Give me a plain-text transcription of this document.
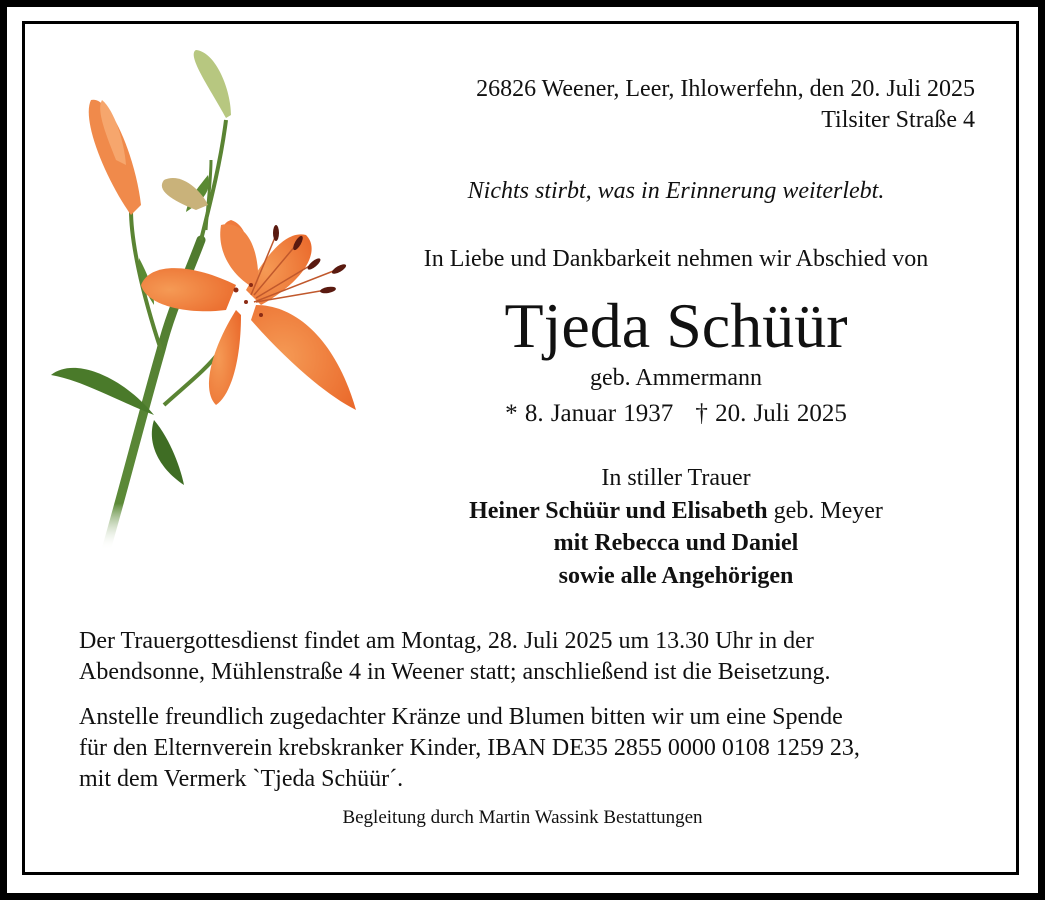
26826 Weener, Leer, Ihlowerfehn, den 20. Juli 2025
Tilsiter Straße 4
Nichts stirbt, was in Erinnerung weiterlebt.
In Liebe und Dankbarkeit nehmen wir Abschied von
Tjeda Schüür
geb. Ammermann
* 8. Januar 1937 † 20. Juli 2025
In stiller Trauer
Heiner Schüür und Elisabeth geb. Meyer
mit Rebecca und Daniel
sowie alle Angehörigen
Der Trauergottesdienst findet am Montag, 28. Juli 2025 um 13.30 Uhr in der
Abendsonne, Mühlenstraße 4 in Weener statt; anschließend ist die Beisetzung.
Anstelle freundlich zugedachter Kränze und Blumen bitten wir um eine Spende
für den Elternverein krebskranker Kinder, IBAN DE35 2855 0000 0108 1259 23,
mit dem Vermerk `Tjeda Schüür´.
Begleitung durch Martin Wassink Bestattungen
